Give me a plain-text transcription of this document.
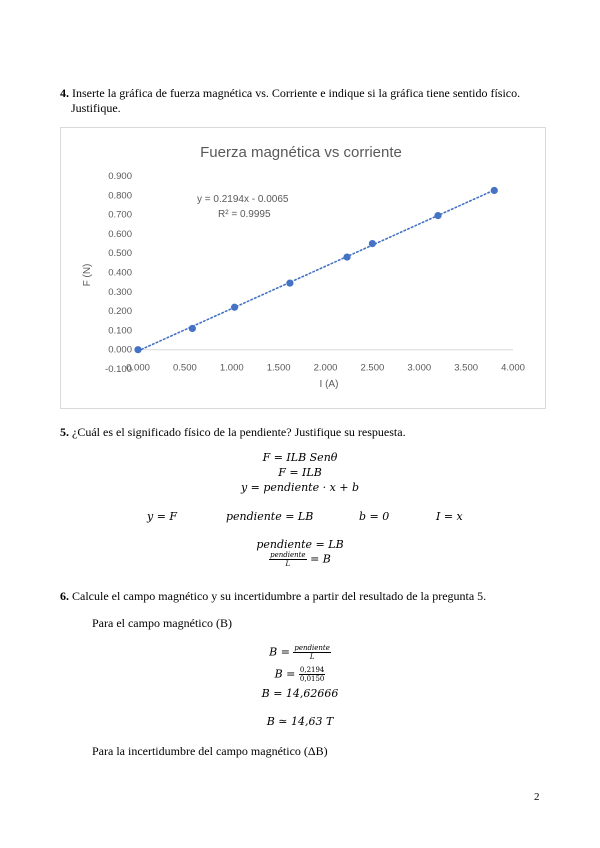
4. Inserte la gráfica de fuerza magnética vs. Corriente e indique si la gráfica tiene sentido físico.
Justifique.
Fuerza magnética vs corriente
y = 0.2194x - 0.0065
R² = 0.9995
F (N)
I (A)
-0.100
0.000
0.100
0.200
0.300
0.400
0.500
0.600
0.700
0.800
0.900
0.000 0.500 1.000 1.500 2.000 2.500 3.000 3.500 4.000
5. ¿Cuál es el significado físico de la pendiente? Justifique su respuesta.
F = ILB Senθ
F = ILB
y = pendiente · x + b
y = F	pendiente = LB	b = 0	I = x
pendiente = LB
$\frac{\text{pendiente}}{L} = B$
6. Calcule el campo magnético y su incertidumbre a partir del resultado de la pregunta 5.
Para el campo magnético (B)
$B = \frac{\text{pendiente}}{L}$
$B = \frac{0,2194}{0,0150}$
B = 14,62666
B ≃ 14,63 T
Para la incertidumbre del campo magnético (ΔB)
2
